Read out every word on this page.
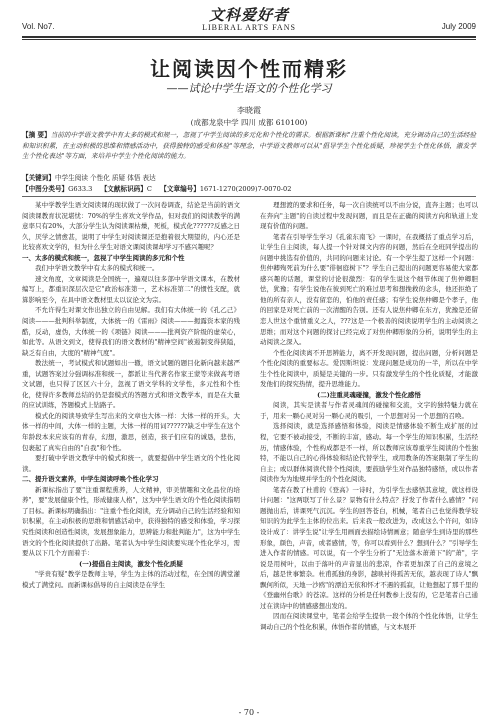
Vol. No7.
文科爱好者
LIBERAL ARTS FANS	July 2009
让阅读因个性而精彩
——试论中学生语文的个性化学习
李晓霞
(成都龙泉中学 四川 成都 610100)
【摘 要】当前的中学语文教学中有太多的模式和规一，忽视了中学生阅读的多元化和个性化的需求。根据新课标"注重个性化阅读，充分调动自己的生活经验和知识积累，在主动积极的思维和情感活动中，获得独特的感受和体验"等理念，中学语文教师可以从"倡导学生个性化质疑，珍视学生个性化体悟，激发学生个性化表达"等方面，来培养中学生个性化阅读的能力。
【关键词】中学生阅读 个性化 质疑 体悟 表达
【中图分类号】G633.3 【文献标识码】C 【文章编号】1671-1270(2009)7-0070-02

某中学教学生语文阅读课的现状做了一次问卷调查，结论是当前的语文阅读课教育状况堪忧：70%的学生喜欢文学作品，但对我们的阅读教学的满意率只有20%，大部分学生认为阅读课枯燥，死板，模式化??????反感之日久，厌学之情愈甚，说明了中学生对阅读课还是抱着很大期望的，内心还是比较喜欢文学的，但为什么学生对语文课阅读课却学习不感兴趣呢？

一、太多的模式和统一，忽视了中学生阅读的多元和个性

我们中学语文教学中有太多的模式和统一。

速文角度，文章阅读是全国统一，遍观以往多部中学语文课本，在教材编写上，都重识深层次是它"政治标准第一，艺术标准第二"的惯性支配，就算影响至今，在具中语文教材里太以议论文为宗。

不允许得生对课文作出独立的自由见解。我们有大体统一的《孔乙己》阅读———批判科举制度，大体统一的《雷雨》阅读———揭露资本家的残酷，反动，虚伪，大体统一的《项链》阅读———批判资产阶级的虚荣心，如此等。从语文到文，使得我们的语文教材的"精神空间"被遏制变得狭隘，缺乏有自由，大度的"精神气度"。

教法统一，考试模式和试题如出一辙，语文试题的题目化新向越来越严重，试题答案过分强调标准和统一，都派让当代著名作家王蒙等来做高考语文试题，也只得了区区六十分，忽视了语文学科的文学性，多元性和个性化，使得许多教师总结的仍是套模式的答题方式和语文教学本，而是在大量的应试训练，答题模式上钻路子。

模式化的阅读导致学生写出来的文章也大体一样：大体一样的开头，大体一样的中间，大体一样的主题，大体一样的用词??????缺乏中学生在这个年龄段本来应该有的青春，幻想，激思，创造，孩子们应有的诚恳，悲伤，包裹起了真实自由的"自我"和个性。

要打破中学语文教学中的模式和统一，就要提倡中学生语文的个性化阅读。

二、提升语文素养，中学生阅读呼唤个性化学习

新课标指出了要"注重课程熏养，人文精神，审美情趣和文化品位的培养"，要"发展健康个性，形成健康人格"，这为中学生语文的个性化阅读指明了目标。新课标明确指出："注重个性化阅读，充分调动自己的生活经验和知识积累，在主动积极的思维和情感活动中，获得独特的感受和体验，学习探究性阅读和创造性阅读，发展想象能力，思辨能力和批判能力"，这为中学生语文的个性化阅读提供了出路。笔者认为中学生阅读要实现个性化学习，需要从以下几个方面着手：

(一)提倡自主阅读，激发个性化质疑

"学贵有疑"教学是教师主导，学生为主体的活动过程，在全国的满堂灌模式了满堂问。而新课标倡导的自主阅读是在学生

理想渡的要求和任务，每一次自读统可以不由分说，直奔主题；也可以在奔向"主题"的自读过程中发现问题，而且是在正确的阅读方向和轨道上发现有价值的问题。

笔者在引导学生学习《孔雀东南飞》一课时，在我概括了重点学习后，让学生自主阅读，每人提一个针对课文内容的问题，然后在全班同学提出的问题中挑选有价值的，共同的问题来讨论。有一个学生提了这样一个问题：焦仲卿殉死前为什么要"徘徊庭树下"？学生自己提出的问题更容易使大家都感兴趣的话题，课堂的讨论很激烈：有的学生说这个细节体现了焦仲卿胆怯，犹豫；有学生说他在彼到死亡的难过思考和想挽救的念头，他还拒绝了他的所有亲人，没有留恋的，怕他的责任感；有学生说焦仲卿是个孝子，他的回家是对死亡前的一次清醒的告别。还有人说焦仲卿在东方，犹豫是还留恋人世这个重情重义之人，???这是一个极善的阅读说明学生的主动阅读之思维；而对这个问题的探讨已经完成了对焦仲卿形象的分析，说明学生的主动阅读之深入。

个性化阅读离不开思辨能力，离不开发现问题，提出问题，分析问题是个性化阅读的重要标志。爱因斯坦说：发现问题是成功的一半，所以在中学生个性化阅读中，质疑是关键的一步。只有激发学生的个性化质疑，才能激发他们的探究热情，提升思维能力。

(二)注重灵魂碰撞，激发个性化感悟

阅读，其实是读者与作者灵魂间的碰撞和交流，文字的独特魅力就在于，用来一颗心灵对另一颗心灵的吸引，一个思想对另一个思想的召唤。

选择阅读，就是选择感悟和体验，阅读是情感体验不断生成扩展的过程，它要不被动接受，不断的丰富，感动。每一个学生的知识积累，生活经历，情感体验，个性构成都是不一样，所以教师应该尊重学生阅读的个性独特，不能以自己的心得体验和结论代替学生，或用教条的答案限制了学生的自主；或以群体阅读代替个性阅读，要鼓励学生对作品独特感悟，或以作者阅读作为为地规并学生的个性化阅读。

笔者在教了杜甫的《登高》一诗时，为引学生去感悟其意境，就这样设计问题："这两联写了什么景？景物有什么特点？抒发了作者什么感情？"问题抛出后，讲课死气沉沉。学生的回答苍白，机械，笔者自己也觉得教学较知识的为此学生主体的位出来。后来我一般改进为，改成这么个许问，如诗设计成了：讲学生说"让学生用画面去描绘诗情画意；随意学生到诗里的那些形象，颜色，声音，或者感情，等，你可以看到什么？想到什么？"引导学生进入作者的情感。可以说，有一个学生分析了"无边落木萧萧下"的"萧"，字说是用树叶，以由于落叶的声音显出的悲凉，作者更加深了自己的意境之后，越是世事繁杂。杜甫孤独的身影，越映衬得孤苦无依，越表现了诗人"飘飘何所似，天地一沙鸥"的漂泊无依和怀才不遇的孤寂，让他想起了那千里的《登幽州台歌》的苍凉。这样的分析是任何教参上没有的，它是笔者自己通过在读诗中的情感感想出发的。

因而在阅读课堂中，笔者会给学生提供一段个体的个性化体悟，让学生调动自己的个性化积累，体悟作者的情感，与文本展开

- 70 -
